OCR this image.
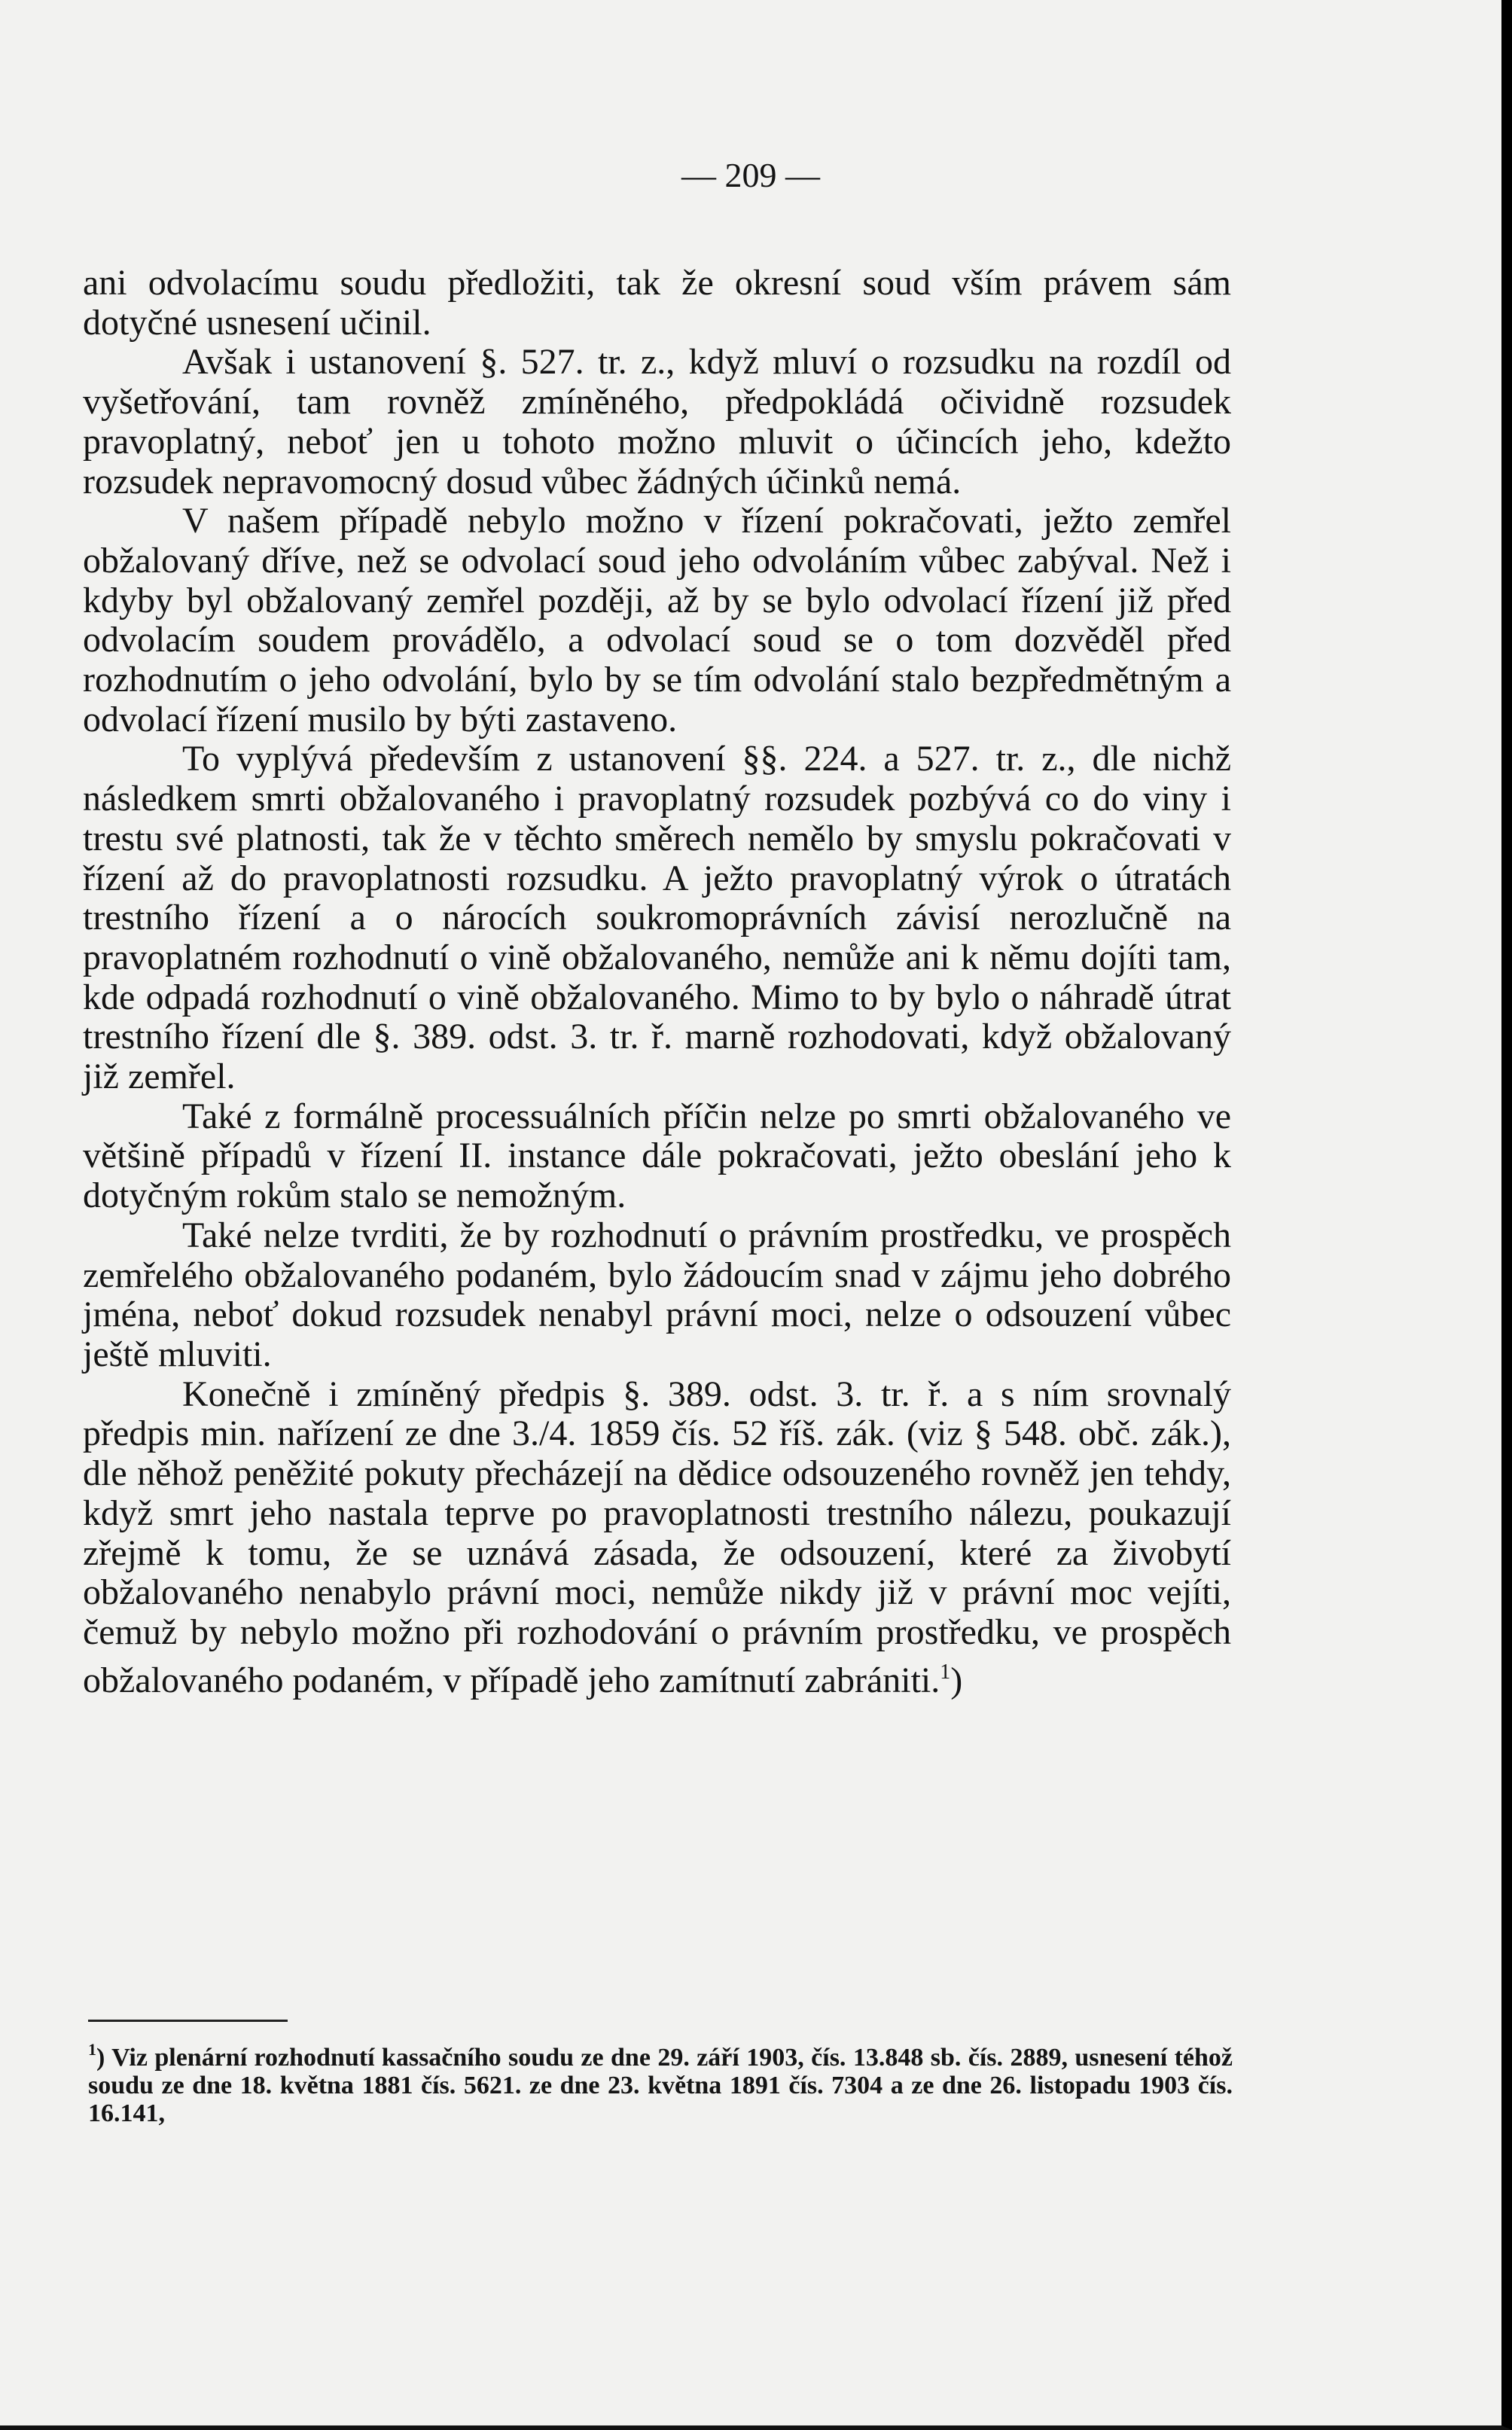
— 209 —

ani odvolacímu soudu předložiti, tak že okresní soud vším právem sám dotyčné usnesení učinil.

Avšak i ustanovení §. 527. tr. z., když mluví o rozsudku na rozdíl od vyšetřování, tam rovněž zmíněného, předpokládá očividně rozsudek pravoplatný, neboť jen u tohoto možno mluvit o účincích jeho, kdežto rozsudek nepravomocný dosud vůbec žádných účinků nemá.

V našem případě nebylo možno v řízení pokračovati, ježto zemřel obžalovaný dříve, než se odvolací soud jeho odvoláním vůbec zabýval. Než i kdyby byl obžalovaný zemřel později, až by se bylo odvolací řízení již před odvolacím soudem provádělo, a odvolací soud se o tom dozvěděl před rozhodnutím o jeho odvolání, bylo by se tím odvolání stalo bezpředmětným a odvolací řízení musilo by býti zastaveno.

To vyplývá především z ustanovení §§. 224. a 527. tr. z., dle nichž následkem smrti obžalovaného i pravoplatný rozsudek pozbývá co do viny i trestu své platnosti, tak že v těchto směrech nemělo by smyslu pokračovati v řízení až do pravoplatnosti rozsudku. A ježto pravoplatný výrok o útratách trestního řízení a o nárocích soukromoprávních závisí nerozlučně na pravoplatném rozhodnutí o vině obžalovaného, nemůže ani k němu dojíti tam, kde odpadá rozhodnutí o vině obžalovaného. Mimo to by bylo o náhradě útrat trestního řízení dle §. 389. odst. 3. tr. ř. marně rozhodovati, když obžalovaný již zemřel.

Také z formálně processuálních příčin nelze po smrti obžalovaného ve většině případů v řízení II. instance dále pokračovati, ježto obeslání jeho k dotyčným rokům stalo se nemožným.

Také nelze tvrditi, že by rozhodnutí o právním prostředku, ve prospěch zemřelého obžalovaného podaném, bylo žádoucím snad v zájmu jeho dobrého jména, neboť dokud rozsudek nenabyl právní moci, nelze o odsouzení vůbec ještě mluviti.

Konečně i zmíněný předpis §. 389. odst. 3. tr. ř. a s ním srovnalý předpis min. nařízení ze dne 3./4. 1859 čís. 52 říš. zák. (viz § 548. obč. zák.), dle něhož peněžité pokuty přecházejí na dědice odsouzeného rovněž jen tehdy, když smrt jeho nastala teprve po pravoplatnosti trestního nálezu, poukazují zřejmě k tomu, že se uznává zásada, že odsouzení, které za živobytí obžalovaného nenabylo právní moci, nemůže nikdy již v právní moc vejíti, čemuž by nebylo možno při rozhodování o právním prostředku, ve prospěch obžalovaného podaném, v případě jeho zamítnutí zabrániti.$^1$)

$^1$) Viz plenární rozhodnutí kassačního soudu ze dne 29. září 1903, čís. 13.848 sb. čís. 2889, usnesení téhož soudu ze dne 18. května 1881 čís. 5621. ze dne 23. května 1891 čís. 7304 a ze dne 26. listopadu 1903 čís. 16.141,
